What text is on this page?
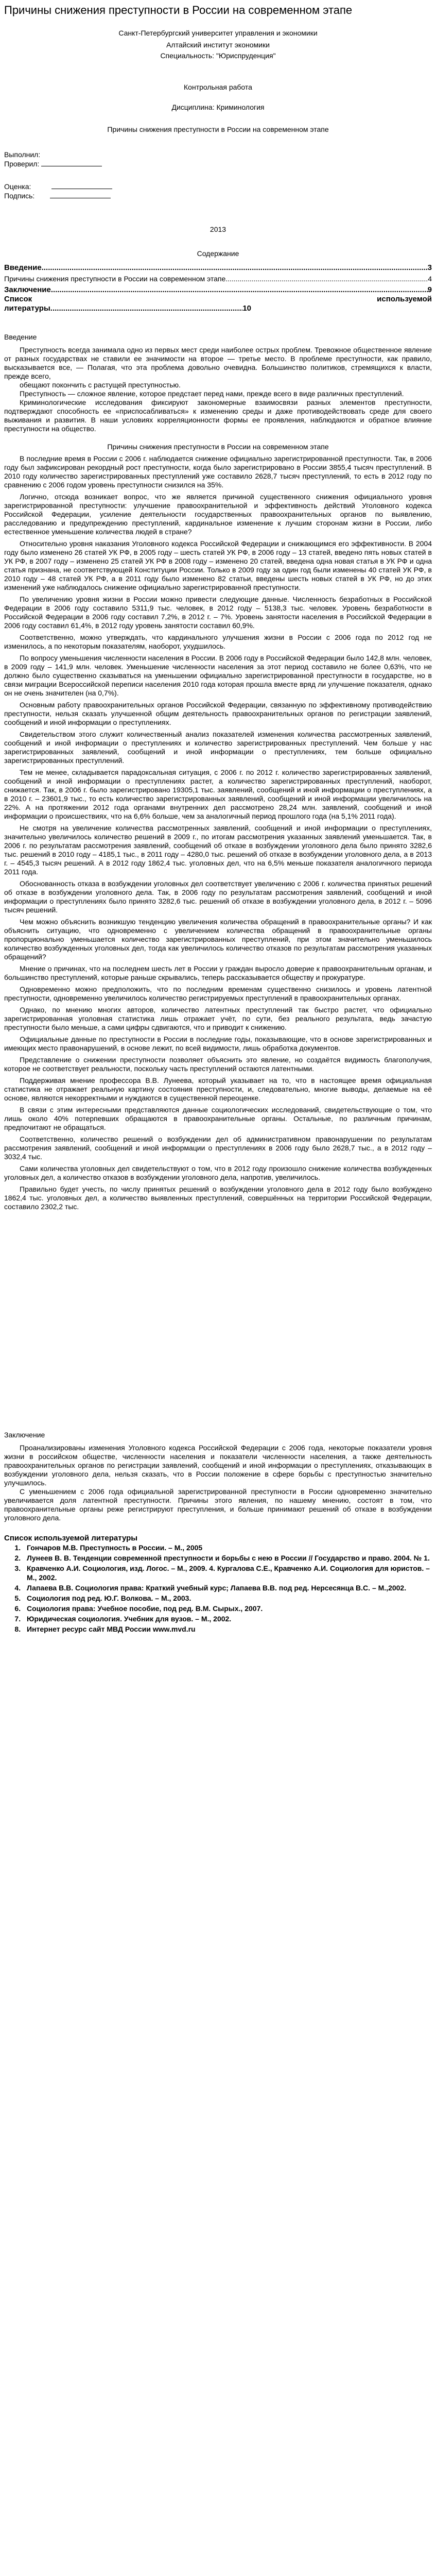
Причины снижения преступности в России на современном этапе

Санкт-Петербургский университет управления и экономики

Алтайский институт экономики

Специальность: "Юриспруденция"

Контрольная работа

Дисциплина: Криминология

Причины снижения преступности в России на современном этапе

Выполнил:

Проверил:

Оценка:

Подпись:

2013

Содержание

Введение .....	3
Причины снижения преступности в России на современном этапе .....	4
Заключение .....	9
Список	используемой
литературы .....	10

Введение

Преступность всегда занимала одно из первых мест среди наиболее острых проблем. Тревожное общественное явление от разных государствах не ставили ее значимости на второе — третье место. В проблеме преступности, как правило, высказывается все, — Полагая, что эта проблема довольно очевидна. Большинство политиков, стремящихся к власти, прежде всего,

обещают покончить с растущей преступностью.

Преступность — сложное явление, которое предстает перед нами, прежде всего в виде различных преступлений.

Криминологические исследования фиксируют закономерные взаимосвязи разных элементов преступности, подтверждают способность ее «приспосабливаться» к изменению среды и даже противодействовать среде для своего выживания и развития. В наши условиях корреляционности формы ее проявления, наблюдаются и обратное влияние преступности на общество.

Причины снижения преступности в России на современном этапе

В последние время в России с 2006 г. наблюдается снижение официально зарегистрированной преступности. Так, в 2006 году был зафиксирован рекордный рост преступности, когда было зарегистрировано в России 3855,4 тысяч преступлений. В 2010 году количество зарегистрированных преступлений уже составило 2628,7 тысяч преступлений, то есть в 2012 году по сравнению с 2006 годом уровень преступности снизился на 35%.

Логично, отсюда возникает вопрос, что же является причиной существенного снижения официального уровня зарегистрированной преступности: улучшение правоохранительной и эффективность действий Уголовного кодекса Российской Федерации, усиление деятельности государственных правоохранительных органов по выявлению, расследованию и предупреждению преступлений, кардинальное изменение к лучшим сторонам жизни в России, либо естественное уменьшение количества людей в стране?

Относительно уровня наказания Уголовного кодекса Российской Федерации и снижающимся его эффективности. В 2004 году было изменено 26 статей УК РФ, в 2005 году – шесть статей УК РФ, в 2006 году – 13 статей, введено пять новых статей в УК РФ, в 2007 году – изменено 25 статей УК РФ в 2008 году – изменено 20 статей, введена одна новая статья в УК РФ и одна статья признана, не соответствующей Конституции России. Только в 2009 году за один год были изменены 40 статей УК РФ, в 2010 году – 48 статей УК РФ, а в 2011 году было изменено 82 статьи, введены шесть новых статей в УК РФ, но до этих изменений уже наблюдалось снижение официально зарегистрированной преступности.

По увеличению уровня жизни в России можно привести следующие данные. Численность безработных в Российской Федерации в 2006 году составило 5311,9 тыс. человек, в 2012 году – 5138,3 тыс. человек. Уровень безработности в Российской Федерации в 2006 году составил 7,2%, в 2012 г. – 7%. Уровень занятости населения в Российской Федерации в 2006 году составил 61,4%, в 2012 году уровень занятости составил 60,9%.

Соответственно, можно утверждать, что кардинального улучшения жизни в России с 2006 года по 2012 год не изменилось, а по некоторым показателям, наоборот, ухудшилось.

По вопросу уменьшения численности населения в России. В 2006 году в Российской Федерации было 142,8 млн. человек, в 2009 году – 141,9 млн. человек. Уменьшение численности населения за этот период составило не более 0,63%, что не должно было существенно сказываться на уменьшении официально зарегистрированной преступности в государстве, но в связи миграции Всероссийской переписи населения 2010 года которая прошла вместе вряд ли улучшение показателя, однако он не очень значителен (на 0,7%).

Основным работу правоохранительных органов Российской Федерации, связанную по эффективному противодействию преступности, нельзя сказать улучшенной общим деятельность правоохранительных органов по регистрации заявлений, сообщений и иной информации о преступлениях.

Свидетельством этого служит количественный анализ показателей изменения количества рассмотренных заявлений, сообщений и иной информации о преступлениях и количество зарегистрированных преступлений. Чем больше у нас зарегистрированных заявлений, сообщений и иной информации о преступлениях, тем больше официально зарегистрированных преступлений.

Тем не менее, складывается парадоксальная ситуация, с 2006 г. по 2012 г. количество зарегистрированных заявлений, сообщений и иной информации о преступлениях растет, а количество зарегистрированных преступлений, наоборот, снижается. Так, в 2006 г. было зарегистрировано 19305,1 тыс. заявлений, сообщений и иной информации о преступлениях, а в 2010 г. – 23601,9 тыс., то есть количество зарегистрированных заявлений, сообщений и иной информации увеличилось на 22%. А на протяжении 2012 года органами внутренних дел рассмотрено 28,24 млн. заявлений, сообщений и иной информации о происшествиях, что на 6,6% больше, чем за аналогичный период прошлого года (на 5,1% 2011 года).

Не смотря на увеличение количества рассмотренных заявлений, сообщений и иной информации о преступлениях, значительно увеличилось количество решений в 2009 г., по итогам рассмотрения указанных заявлений уменьшается. Так, в 2006 г. по результатам рассмотрения заявлений, сообщений об отказе в возбуждении уголовного дела было принято 3282,6 тыс. решений в 2010 году – 4185,1 тыс., в 2011 году – 4280,0 тыс. решений об отказе в возбуждении уголовного дела, а в 2013 г. – 4545,3 тысяч решений. А в 2012 году 1862,4 тыс. уголовных дел, что на 6,5% меньше показателя аналогичного периода 2011 года.

Обоснованность отказа в возбуждении уголовных дел соответствует увеличению с 2006 г. количества принятых решений об отказе в возбуждении уголовного дела. Так, в 2006 году по результатам рассмотрения заявлений, сообщений и иной информации о преступлениях было принято 3282,6 тыс. решений об отказе в возбуждении уголовного дела, в 2012 г. – 5096 тысяч решений.

Чем можно объяснить возникшую тенденцию увеличения количества обращений в правоохранительные органы? И как объяснить ситуацию, что одновременно с увеличением количества обращений в правоохранительные органы пропорционально уменьшается количество зарегистрированных преступлений, при этом значительно уменьшилось количество возбужденных уголовных дел, тогда как увеличилось количество отказов по результатам рассмотрения указанных обращений?

Мнение о причинах, что на последнем шесть лет в России у граждан выросло доверие к правоохранительным органам, и большинство преступлений, которые раньше скрывались, теперь рассказывается обществу и прокуратуре.

Одновременно можно предположить, что по последним временам существенно снизилось и уровень латентной преступности, одновременно увеличилось количество регистрируемых преступлений в правоохранительных органах.

Однако, по мнению многих авторов, количество латентных преступлений так быстро растет, что официально зарегистрированная уголовная статистика лишь отражает учёт, по сути, без реального результата, ведь зачастую преступности было меньше, а сами цифры сдвигаются, что и приводит к снижению.

Официальные данные по преступности в России в последние годы, показывающие, что в основе зарегистрированных и имеющих место правонарушений, в основе лежит, по всей видимости, лишь обработка документов.

Представление о снижении преступности позволяет объяснить это явление, но создаётся видимость благополучия, которое не соответствует реальности, поскольку часть преступлений остаются латентными.

Поддерживая мнение профессора В.В. Лунеева, который указывает на то, что в настоящее время официальная статистика не отражает реальную картину состояния преступности, и, следовательно, многие выводы, делаемые на её основе, являются некорректными и нуждаются в существенной переоценке.

В связи с этим интересными представляются данные социологических исследований, свидетельствующие о том, что лишь около 40% потерпевших обращаются в правоохранительные органы. Остальные, по различным причинам, предпочитают не обращаться.

Соответственно, количество решений о возбуждении дел об административном правонарушении по результатам рассмотрения заявлений, сообщений и иной информации о преступлениях в 2006 году было 2628,7 тыс., а в 2012 году – 3032,4 тыс.

Сами количества уголовных дел свидетельствуют о том, что в 2012 году произошло снижение количества возбужденных уголовных дел, а количество отказов в возбуждении уголовного дела, напротив, увеличилось.

Правильно будет учесть, по числу принятых решений о возбуждении уголовного дела в 2012 году было возбуждено 1862,4 тыс. уголовных дел, а количество выявленных преступлений, совершённых на территории Российской Федерации, составило 2302,2 тыс.

Заключение

Проанализированы изменения Уголовного кодекса Российской Федерации с 2006 года, некоторые показатели уровня жизни в российском обществе, численности населения и показатели численности населения, а также деятельность правоохранительных органов по регистрации заявлений, сообщений и иной информации о преступлениях, отказывающих в возбуждении уголовного дела, нельзя сказать, что в России положение в сфере борьбы с преступностью значительно улучшилось.

С уменьшением с 2006 года официальной зарегистрированной преступности в России одновременно значительно увеличивается доля латентной преступности. Причины этого явления, по нашему мнению, состоят в том, что правоохранительные органы реже регистрируют преступления, и больше принимают решений об отказе в возбуждении уголовного дела.

Список используемой литературы
1. Гончаров М.В. Преступность в России. – М., 2005
2. Лунеев В. В. Тенденции современной преступности и борьбы с нею в России // Государство и право. 2004. № 1.
3. Кравченко А.И. Социология, изд. Логос. – М., 2009. 4. Кургалова С.Е., Кравченко А.И. Социология для юристов. – М., 2002.
4. Лапаева В.В. Социология права: Краткий учебный курс; Лапаева В.В. под ред. Нерсесянца В.С. – М.,2002.
5. Социология под ред. Ю.Г. Волкова. – М., 2003.
6. Социология права: Учебное пособие, под ред. В.М. Сырых., 2007.
7. Юридическая социология. Учебник для вузов. – М., 2002.
8. Интернет ресурс сайт МВД России www.mvd.ru
